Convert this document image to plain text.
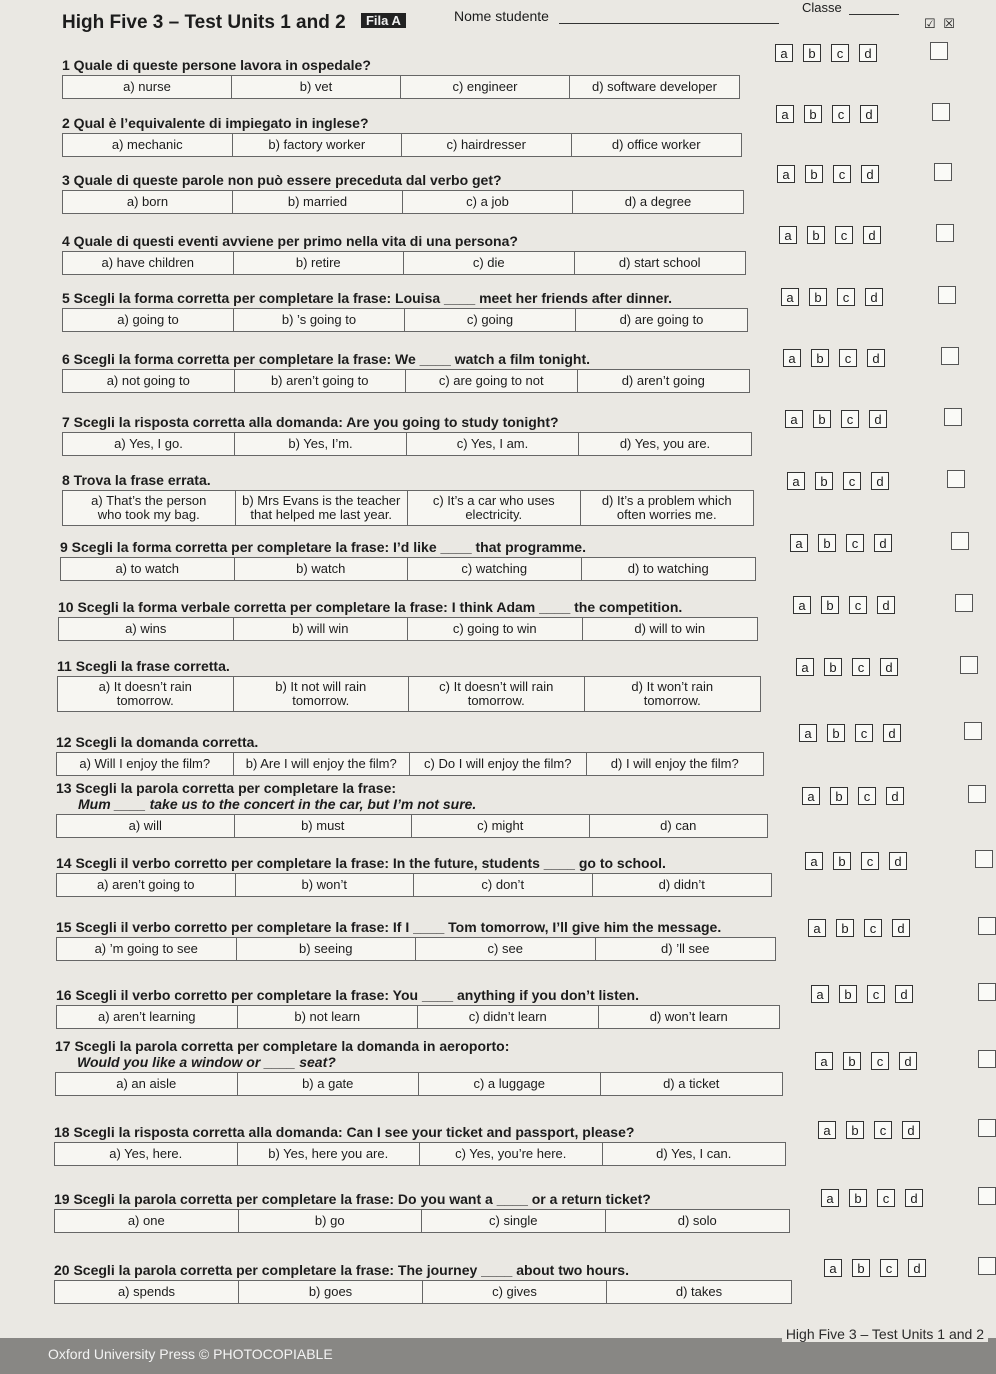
High Five 3 – Test Units 1 and 2 Fila A	Nome studente
Classe
☑ ☒
1 Quale di queste persone lavora in ospedale?
a) nurse	b) vet	c) engineer	d) software developer
a	b	c	d
2 Qual è l’equivalente di impiegato in inglese?
a) mechanic	b) factory worker	c) hairdresser	d) office worker
a	b	c	d
3 Quale di queste parole non può essere preceduta dal verbo get?
a) born	b) married	c) a job	d) a degree
a	b	c	d
4 Quale di questi eventi avviene per primo nella vita di una persona?
a) have children	b) retire	c) die	d) start school
a	b	c	d
5 Scegli la forma corretta per completare la frase: Louisa ____ meet her friends after dinner.
a) going to	b) ’s going to	c) going	d) are going to
a	b	c	d
6 Scegli la forma corretta per completare la frase: We ____ watch a film tonight.
a) not going to	b) aren’t going to	c) are going to not	d) aren’t going
a	b	c	d
7 Scegli la risposta corretta alla domanda: Are you going to study tonight?
a) Yes, I go.	b) Yes, I’m.	c) Yes, I am.	d) Yes, you are.
a	b	c	d
8 Trova la frase errata.
a) That’s the person
who took my bag.
b) Mrs Evans is the teacher
that helped me last year.
c) It’s a car who uses
electricity.
d) It’s a problem which
often worries me.
a	b	c	d
9 Scegli la forma corretta per completare la frase: I’d like ____ that programme.
a) to watch	b) watch	c) watching	d) to watching
a	b	c	d
10 Scegli la forma verbale corretta per completare la frase: I think Adam ____ the competition.
a) wins	b) will win	c) going to win	d) will to win
a	b	c	d
11 Scegli la frase corretta.
a) It doesn’t rain
tomorrow.
b) It not will rain
tomorrow.
c) It doesn’t will rain
tomorrow.
d) It won’t rain
tomorrow.
a	b	c	d
12 Scegli la domanda corretta.
a) Will I enjoy the film?	b) Are I will enjoy the film?	c) Do I will enjoy the film?	d) I will enjoy the film?
a	b	c	d
13 Scegli la parola corretta per completare la frase:
Mum ____ take us to the concert in the car, but I’m not sure.
a) will	b) must	c) might	d) can
a	b	c	d
14 Scegli il verbo corretto per completare la frase: In the future, students ____ go to school.
a) aren’t going to	b) won’t	c) don’t	d) didn’t
a	b	c	d
15 Scegli il verbo corretto per completare la frase: If I ____ Tom tomorrow, I’ll give him the message.
a) ’m going to see	b) seeing	c) see	d) ’ll see
a	b	c	d
16 Scegli il verbo corretto per completare la frase: You ____ anything if you don’t listen.
a) aren’t learning	b) not learn	c) didn’t learn	d) won’t learn
a	b	c	d
17 Scegli la parola corretta per completare la domanda in aeroporto:
Would you like a window or ____ seat?
a) an aisle	b) a gate	c) a luggage	d) a ticket
a	b	c	d
18 Scegli la risposta corretta alla domanda: Can I see your ticket and passport, please?
a) Yes, here.	b) Yes, here you are.	c) Yes, you’re here.	d) Yes, I can.
a	b	c	d
19 Scegli la parola corretta per completare la frase: Do you want a ____ or a return ticket?
a) one	b) go	c) single	d) solo
a	b	c	d
20 Scegli la parola corretta per completare la frase: The journey ____ about two hours.
a) spends	b) goes	c) gives	d) takes
a	b	c	d
Oxford University Press © PHOTOCOPIABLE
High Five 3 – Test Units 1 and 2
